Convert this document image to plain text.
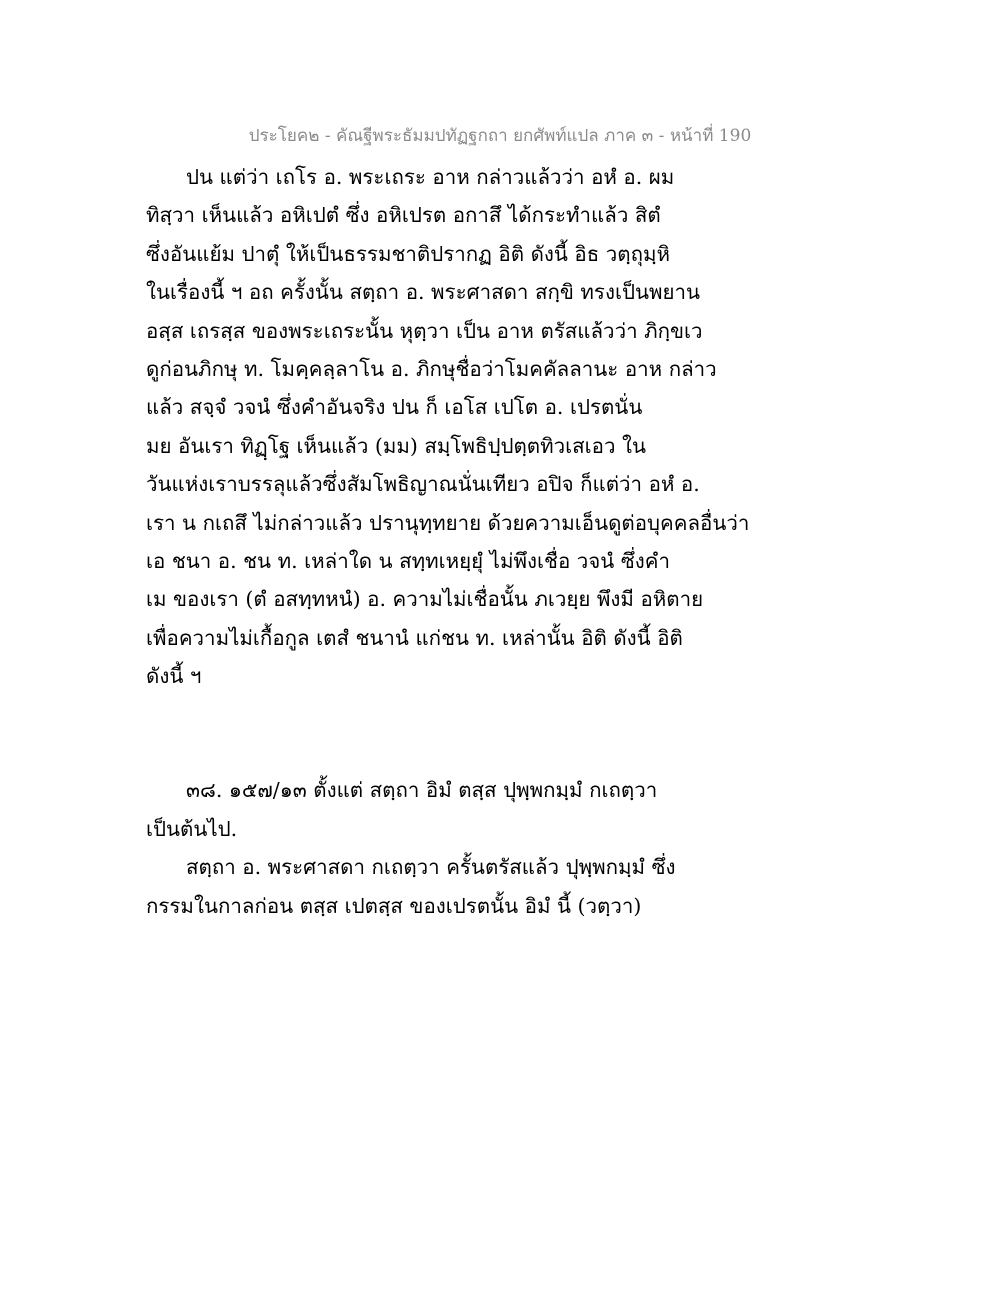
ประโยค๒ - คัณฐีพระธัมมปทัฏฐกถา ยกศัพท์แปล ภาค ๓ - หน้าที่ 190
ปน แต่ว่า เถโร อ. พระเถระ อาห กล่าวแล้วว่า อหํ อ. ผม
ทิสฺวา เห็นแล้ว อหิเปตํ ซึ่ง อหิเปรต อกาสึ ได้กระทำแล้ว สิตํ
ซึ่งอันแย้ม ปาตุํ ให้เป็นธรรมชาติปรากฏ อิติ ดังนี้ อิธ วตฺถุมฺหิ
ในเรื่องนี้ ฯ อถ ครั้งนั้น สตฺถา อ. พระศาสดา สกฺขิ ทรงเป็นพยาน
อสฺส เถรสฺส ของพระเถระนั้น หุตฺวา เป็น อาห ตรัสแล้วว่า ภิกฺขเว
ดูก่อนภิกษุ ท. โมคฺคลฺลาโน อ. ภิกษุชื่อว่าโมคคัลลานะ อาห กล่าว
แล้ว สจฺจํ วจนํ ซึ่งคำอันจริง ปน ก็ เอโส เปโต อ. เปรตนั่น
มย อันเรา ทิฏฺโฐ เห็นแล้ว (มม) สมฺโพธิปฺปตฺตทิวเสเอว ใน
วันแห่งเราบรรลุแล้วซึ่งสัมโพธิญาณนั่นเทียว อปิจ ก็แต่ว่า อหํ อ.
เรา น กเถสึ ไม่กล่าวแล้ว ปรานุทฺทยาย ด้วยความเอ็นดูต่อบุคคลอื่นว่า
เอ ชนา อ. ชน ท. เหล่าใด น สทฺทเหยฺยุํ ไม่พึงเชื่อ วจนํ ซึ่งคำ
เม ของเรา (ตํ อสทฺทหนํ) อ. ความไม่เชื่อนั้น ภเวยฺย พึงมี อหิตาย
เพื่อความไม่เกื้อกูล เตสํ ชนานํ แก่ชน ท. เหล่านั้น อิติ ดังนี้ อิติ
ดังนี้ ฯ
๓๘. ๑๕๗/๑๓ ตั้งแต่ สตฺถา อิมํ ตสฺส ปุพฺพกมฺมํ กเถตฺวา
เป็นต้นไป.
สตฺถา อ. พระศาสดา กเถตฺวา ครั้นตรัสแล้ว ปุพฺพกมฺมํ ซึ่ง
กรรมในกาลก่อน ตสฺส เปตสฺส ของเปรตนั้น อิมํ นี้ (วตฺวา)
